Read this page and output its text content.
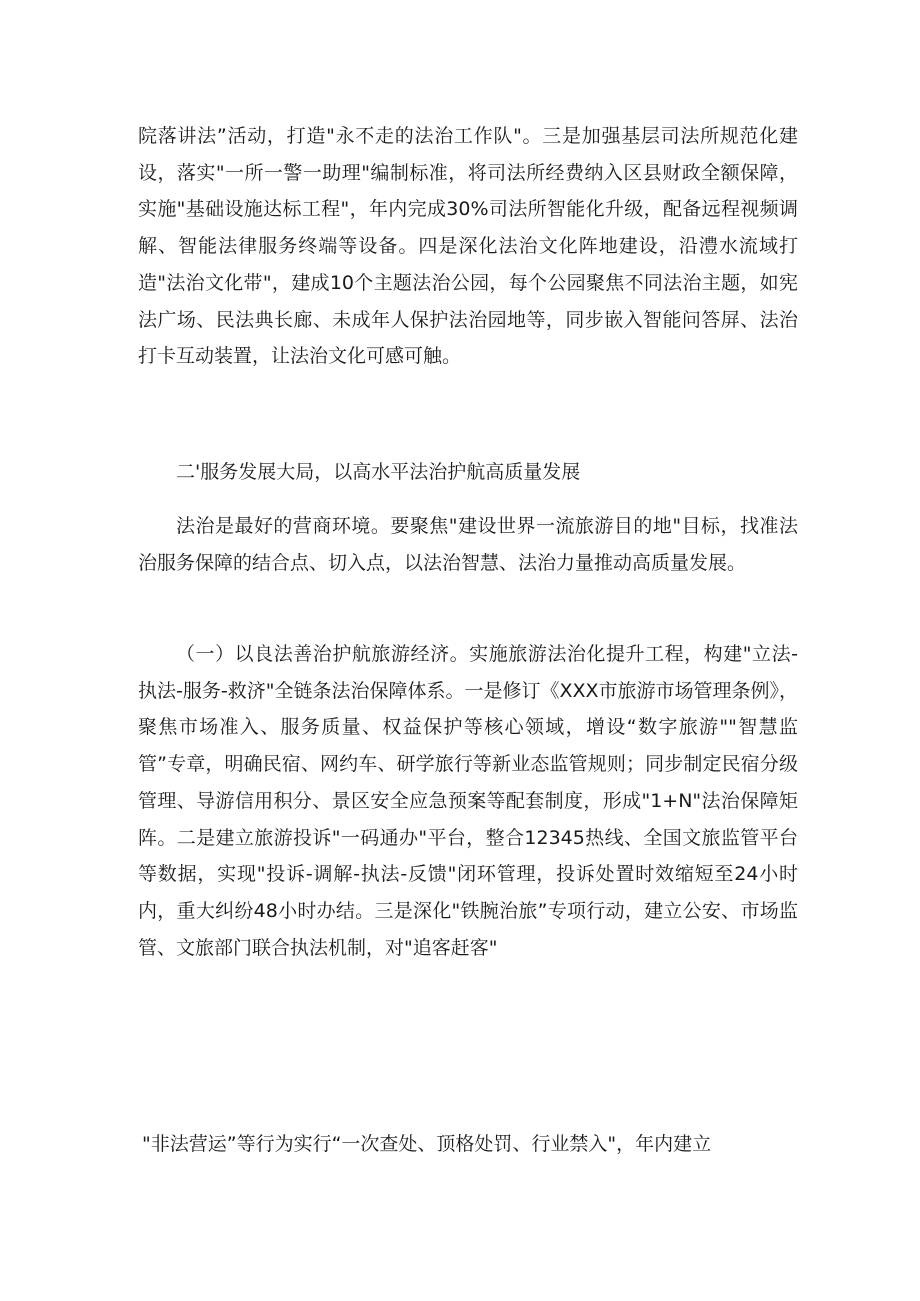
院落讲法”活动，打造"永不走的法治工作队"。三是加强基层司法所规范化建设，落实"一所一警一助理"编制标准，将司法所经费纳入区县财政全额保障，实施"基础设施达标工程"，年内完成30%司法所智能化升级，配备远程视频调解、智能法律服务终端等设备。四是深化法治文化阵地建设，沿澧水流域打造"法治文化带"，建成10个主题法治公园，每个公园聚焦不同法治主题，如宪法广场、民法典长廊、未成年人保护法治园地等，同步嵌入智能问答屏、法治打卡互动装置，让法治文化可感可触。

二'服务发展大局，以高水平法治护航高质量发展

法治是最好的营商环境。要聚焦"建设世界一流旅游目的地"目标，找准法治服务保障的结合点、切入点，以法治智慧、法治力量推动高质量发展。

（一）以良法善治护航旅游经济。实施旅游法治化提升工程，构建"立法-执法-服务-救济"全链条法治保障体系。一是修订《XXX市旅游市场管理条例》，聚焦市场准入、服务质量、权益保护等核心领域，增设“数字旅游""智慧监管”专章，明确民宿、网约车、研学旅行等新业态监管规则；同步制定民宿分级管理、导游信用积分、景区安全应急预案等配套制度，形成"1+N"法治保障矩阵。二是建立旅游投诉"一码通办"平台，整合12345热线、全国文旅监管平台等数据，实现"投诉-调解-执法-反馈"闭环管理，投诉处置时效缩短至24小时内，重大纠纷48小时办结。三是深化"铁腕治旅”专项行动，建立公安、市场监管、文旅部门联合执法机制，对"追客赶客"

"非法营运”等行为实行“一次查处、顶格处罚、行业禁入"，年内建立
